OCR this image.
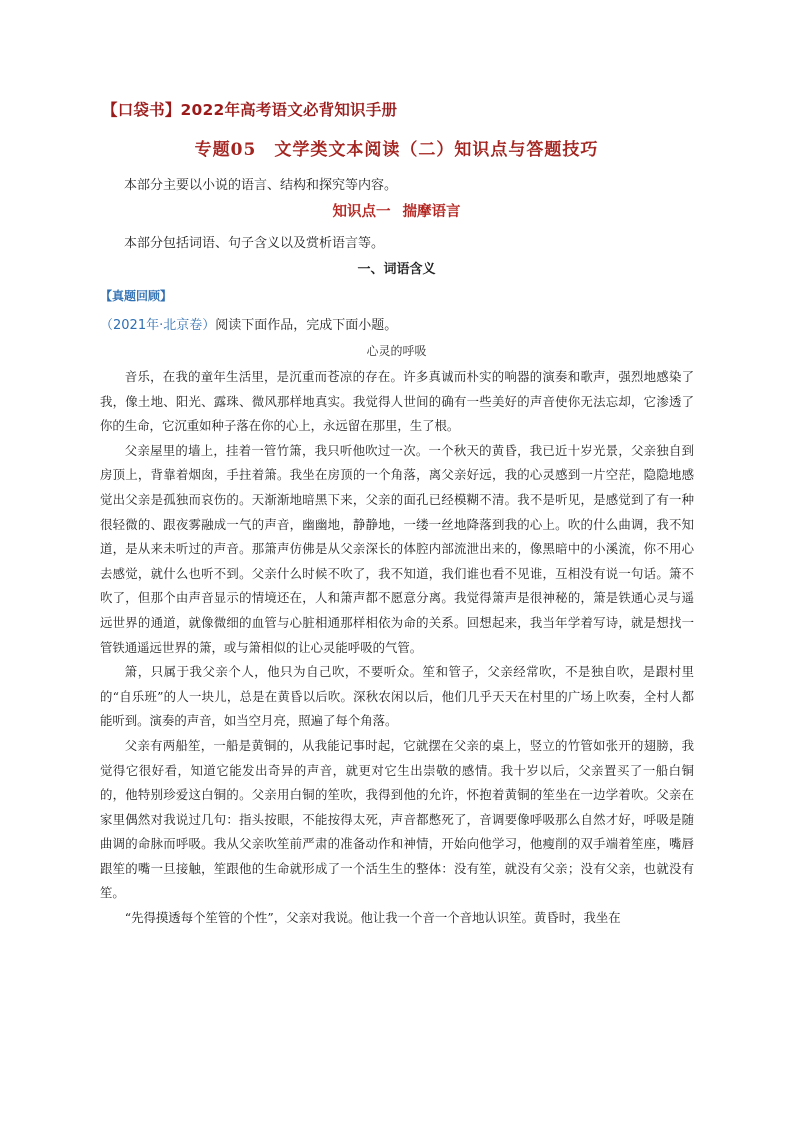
【口袋书】2022年高考语文必背知识手册
专题05 文学类文本阅读（二）知识点与答题技巧
本部分主要以小说的语言、结构和探究等内容。
知识点一 揣摩语言
本部分包括词语、句子含义以及赏析语言等。
一、词语含义
【真题回顾】
（2021年·北京卷）阅读下面作品，完成下面小题。
心灵的呼吸

音乐，在我的童年生活里，是沉重而苍凉的存在。许多真诚而朴实的响器的演奏和歌声，强烈地感染了我，像土地、阳光、露珠、微风那样地真实。我觉得人世间的确有一些美好的声音使你无法忘却，它渗透了你的生命，它沉重如种子落在你的心上，永远留在那里，生了根。

父亲屋里的墙上，挂着一管竹箫，我只听他吹过一次。一个秋天的黄昏，我已近十岁光景，父亲独自到房顶上，背靠着烟囱，手拄着箫。我坐在房顶的一个角落，离父亲好远，我的心灵感到一片空茫，隐隐地感觉出父亲是孤独而哀伤的。天渐渐地暗黑下来，父亲的面孔已经模糊不清。我不是听见，是感觉到了有一种很轻微的、跟夜雾融成一气的声音，幽幽地，静静地，一缕一丝地降落到我的心上。吹的什么曲调，我不知道，是从来未听过的声音。那箫声仿佛是从父亲深长的体腔内部流泄出来的，像黑暗中的小溪流，你不用心去感觉，就什么也听不到。父亲什么时候不吹了，我不知道，我们谁也看不见谁，互相没有说一句话。箫不吹了，但那个由声音显示的情境还在，人和箫声都不愿意分离。我觉得箫声是很神秘的，箫是铁通心灵与遥远世界的通道，就像微细的血管与心脏相通那样相依为命的关系。回想起来，我当年学着写诗，就是想找一管铁通遥远世界的箫，或与箫相似的让心灵能呼吸的气管。

箫，只属于我父亲个人，他只为自己吹，不要听众。笙和管子，父亲经常吹，不是独自吹，是跟村里的“自乐班”的人一块儿，总是在黄昏以后吹。深秋农闲以后，他们几乎天天在村里的广场上吹奏，全村人都能听到。演奏的声音，如当空月亮，照遍了每个角落。

父亲有两船笙，一船是黄铜的，从我能记事时起，它就摆在父亲的桌上，竖立的竹管如张开的翅膀，我觉得它很好看，知道它能发出奇异的声音，就更对它生出崇敬的感情。我十岁以后，父亲置买了一船白铜的，他特别珍爱这白铜的。父亲用白铜的笙吹，我得到他的允许，怀抱着黄铜的笙坐在一边学着吹。父亲在家里偶然对我说过几句：指头按眼，不能按得太死，声音都憋死了，音调要像呼吸那么自然才好，呼吸是随曲调的命脉而呼吸。我从父亲吹笙前严肃的准备动作和神情，开始向他学习，他瘦削的双手端着笙座，嘴唇跟笙的嘴一旦接触，笙跟他的生命就形成了一个活生生的整体：没有笙，就没有父亲；没有父亲，也就没有笙。

“先得摸透每个笙管的个性”，父亲对我说。他让我一个音一个音地认识笙。黄昏时，我坐在
